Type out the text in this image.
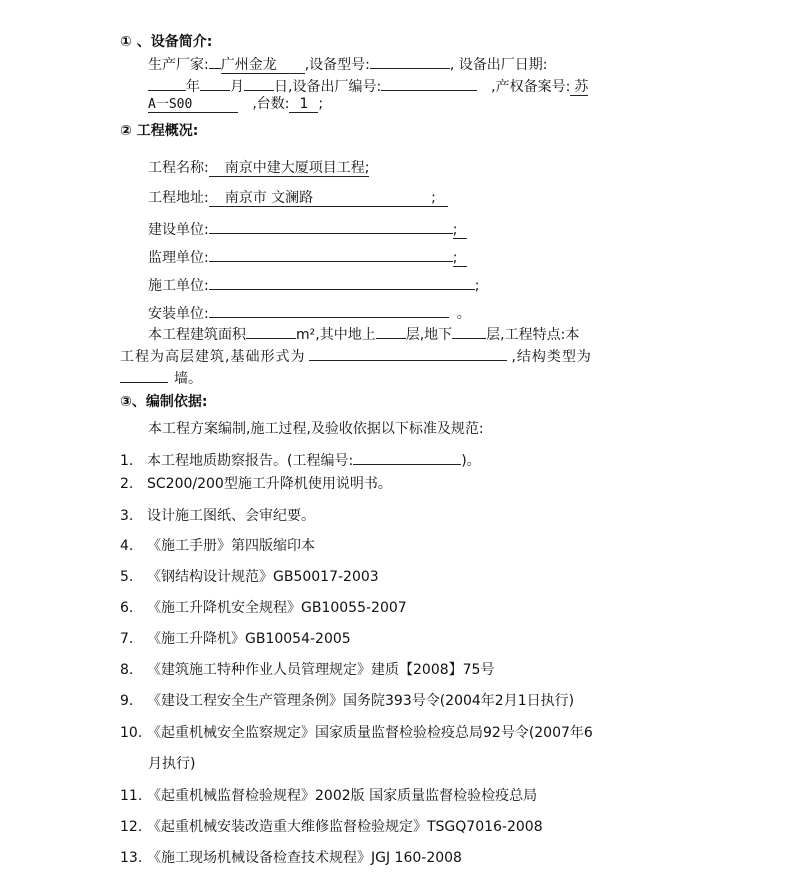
① 、设备简介:
生产厂家: 广州金龙 ,设备型号:	, 设备出厂日期:
年 月 日,设备出厂编号:	,产权备案号: 苏
A一S00	,台数: 1 ;
② 工程概况:
工程名称: 南京中建大厦项目工程;
工程地址: 南京市 文澜路	;
建设单位:	;
监理单位:	;
施工单位:	;
安装单位:	。
本工程建筑面积	m²,其中地上 层,地下 层,工程特点:本
工程为高层建筑,基础形式为	,结构类型为
墙。
③、编制依据:
本工程方案编制,施工过程,及验收依据以下标准及规范:
1. 本工程地质勘察报告。(工程编号:	)。
2. SC200/200型施工升降机使用说明书。
3. 设计施工图纸、会审纪要。
4. 《施工手册》第四版缩印本
5. 《钢结构设计规范》GB50017-2003
6. 《施工升降机安全规程》GB10055-2007
7. 《施工升降机》GB10054-2005
8. 《建筑施工特种作业人员管理规定》建质【2008】75号
9. 《建设工程安全生产管理条例》国务院393号令(2004年2月1日执行)
10. 《起重机械安全监察规定》国家质量监督检验检疫总局92号令(2007年6
月执行)
11. 《起重机械监督检验规程》2002版 国家质量监督检验检疫总局
12. 《起重机械安装改造重大维修监督检验规定》TSGQ7016-2008
13. 《施工现场机械设备检查技术规程》JGJ 160-2008
